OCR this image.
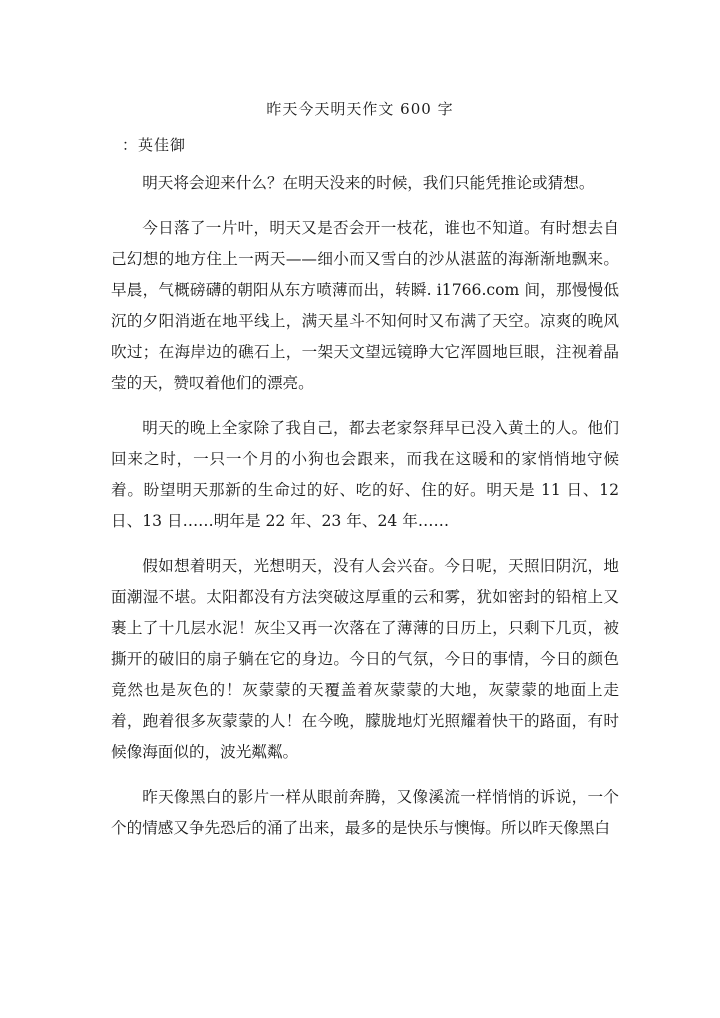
昨天今天明天作文 600 字
：英佳御

明天将会迎来什么？在明天没来的时候，我们只能凭推论或猜想。

今日落了一片叶，明天又是否会开一枝花，谁也不知道。有时想去自己幻想的地方住上一两天——细小而又雪白的沙从湛蓝的海渐渐地飘来。早晨，气概磅礴的朝阳从东方喷薄而出，转瞬. i1766.com 间，那慢慢低沉的夕阳消逝在地平线上，满天星斗不知何时又布满了天空。凉爽的晚风吹过；在海岸边的礁石上，一架天文望远镜睁大它浑圆地巨眼，注视着晶莹的天，赞叹着他们的漂亮。

明天的晚上全家除了我自己，都去老家祭拜早已没入黄土的人。他们回来之时，一只一个月的小狗也会跟来，而我在这暖和的家悄悄地守候着。盼望明天那新的生命过的好、吃的好、住的好。明天是 11 日、12 日、13 日……明年是 22 年、23 年、24 年……

假如想着明天，光想明天，没有人会兴奋。今日呢，天照旧阴沉，地面潮湿不堪。太阳都没有方法突破这厚重的云和雾，犹如密封的铅棺上又裹上了十几层水泥！灰尘又再一次落在了薄薄的日历上，只剩下几页，被撕开的破旧的扇子躺在它的身边。今日的气氛，今日的事情，今日的颜色竟然也是灰色的！灰蒙蒙的天覆盖着灰蒙蒙的大地，灰蒙蒙的地面上走着，跑着很多灰蒙蒙的人！在今晚，朦胧地灯光照耀着快干的路面，有时候像海面似的，波光粼粼。

昨天像黑白的影片一样从眼前奔腾，又像溪流一样悄悄的诉说，一个个的情感又争先恐后的涌了出来，最多的是快乐与懊悔。所以昨天像黑白
